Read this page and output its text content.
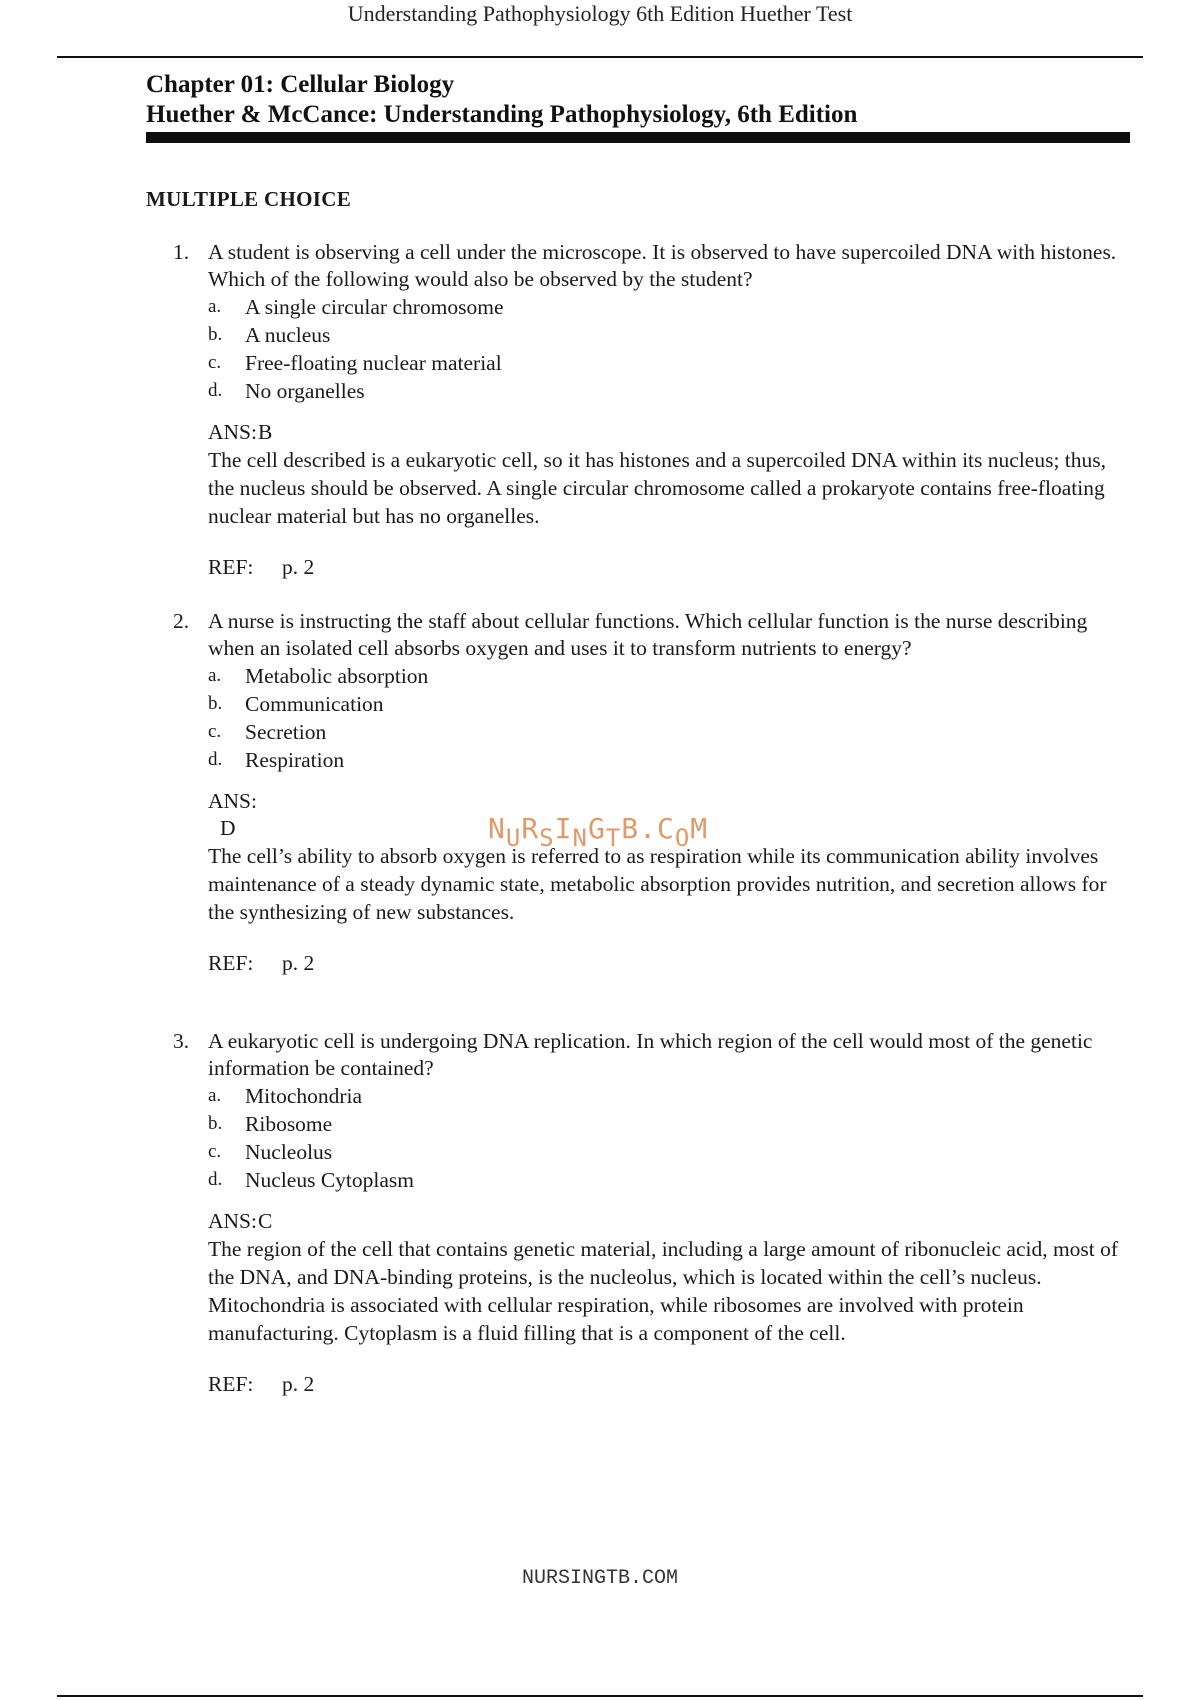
Understanding Pathophysiology 6th Edition Huether Test
Chapter 01: Cellular Biology
Huether & McCance: Understanding Pathophysiology, 6th Edition
MULTIPLE CHOICE
1. A student is observing a cell under the microscope. It is observed to have supercoiled DNA with histones. Which of the following would also be observed by the student?
a. A single circular chromosome
b. A nucleus
c. Free-floating nuclear material
d. No organelles
ANS:B
The cell described is a eukaryotic cell, so it has histones and a supercoiled DNA within its nucleus; thus, the nucleus should be observed. A single circular chromosome called a prokaryote contains free-floating nuclear material but has no organelles.
REF: p. 2
2. A nurse is instructing the staff about cellular functions. Which cellular function is the nurse describing when an isolated cell absorbs oxygen and uses it to transform nutrients to energy?
a. Metabolic absorption
b. Communication
c. Secretion
d. Respiration
ANS:
D
The cell’s ability to absorb oxygen is referred to as respiration while its communication ability involves maintenance of a steady dynamic state, metabolic absorption provides nutrition, and secretion allows for the synthesizing of new substances.
REF: p. 2
3. A eukaryotic cell is undergoing DNA replication. In which region of the cell would most of the genetic information be contained?
a. Mitochondria
b. Ribosome
c. Nucleolus
d. Nucleus Cytoplasm
ANS:C
The region of the cell that contains genetic material, including a large amount of ribonucleic acid, most of the DNA, and DNA-binding proteins, is the nucleolus, which is located within the cell’s nucleus. Mitochondria is associated with cellular respiration, while ribosomes are involved with protein manufacturing. Cytoplasm is a fluid filling that is a component of the cell.
REF: p. 2
NURSINGTB.COM
NURSINGTB.COM
